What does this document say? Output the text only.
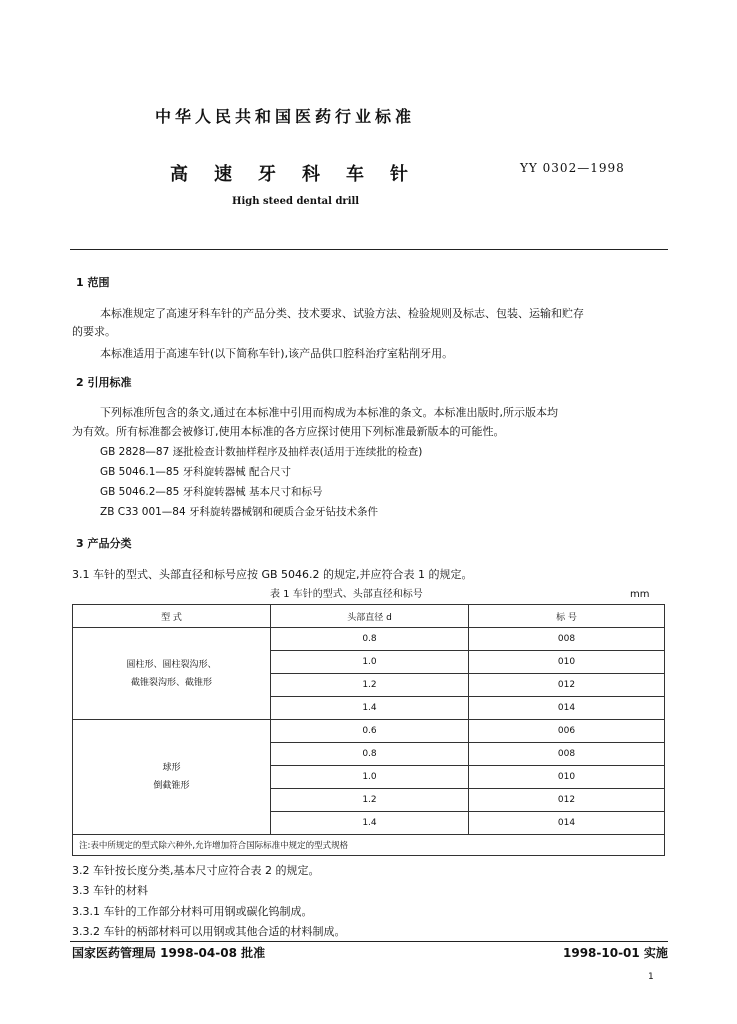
中华人民共和国医药行业标准
高速牙科车针	YY 0302—1998
High steed dental drill
1 范围
本标准规定了高速牙科车针的产品分类、技术要求、试验方法、检验规则及标志、包装、运输和贮存
的要求。
本标准适用于高速车针(以下简称车针),该产品供口腔科治疗室粘削牙用。
2 引用标准
下列标准所包含的条文,通过在本标准中引用而构成为本标准的条文。本标准出版时,所示版本均
为有效。所有标准都会被修订,使用本标准的各方应探讨使用下列标准最新版本的可能性。
GB 2828—87 逐批检查计数抽样程序及抽样表(适用于连续批的检查)
GB 5046.1—85 牙科旋转器械 配合尺寸
GB 5046.2—85 牙科旋转器械 基本尺寸和标号
ZB C33 001—84 牙科旋转器械钢和硬质合金牙钻技术条件
3 产品分类
3.1 车针的型式、头部直径和标号应按 GB 5046.2 的规定,并应符合表 1 的规定。
表 1 车针的型式、头部直径和标号	mm
型 式	头部直径 d	标 号

圆柱形、圆柱裂沟形、
截锥裂沟形、截锥形	0.8	008
	1.0	010
	1.2	012
	1.4	014

球形
倒截锥形	0.6	006
	0.8	008
	1.0	010
	1.2	012
	1.4	014
注:表中所规定的型式除六种外,允许增加符合国际标准中规定的型式规格		
3.2 车针按长度分类,基本尺寸应符合表 2 的规定。
3.3 车针的材料
3.3.1 车针的工作部分材料可用钢或碳化钨制成。
3.3.2 车针的柄部材料可以用钢或其他合适的材料制成。
国家医药管理局 1998-04-08 批准	1998-10-01 实施
1
